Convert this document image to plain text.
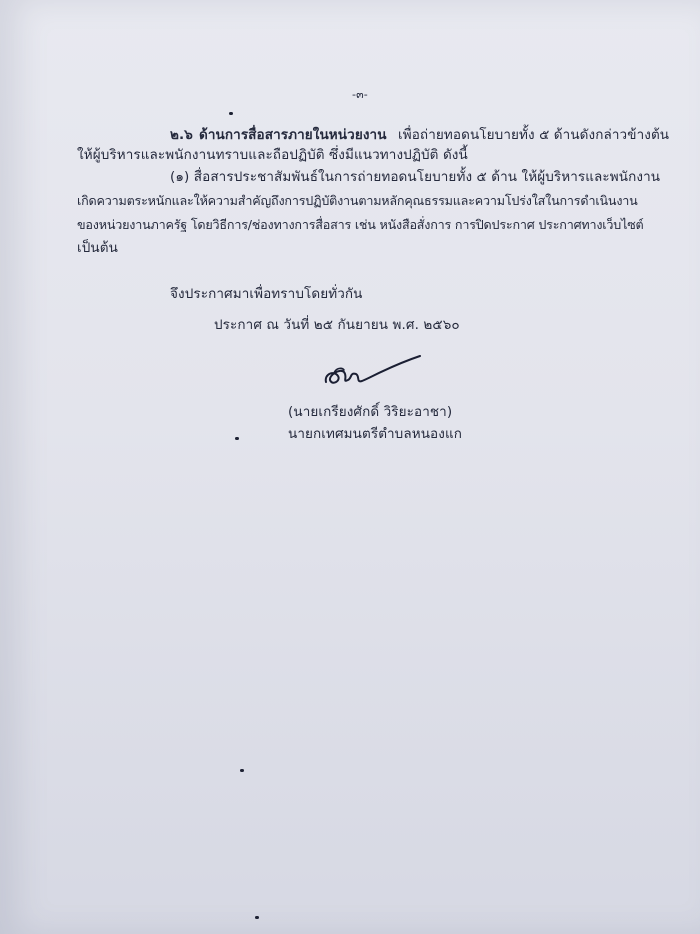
-๓-
๒.๖ ด้านการสื่อสารภายในหน่วยงาน เพื่อถ่ายทอดนโยบายทั้ง ๕ ด้านดังกล่าวข้างต้น
ให้ผู้บริหารและพนักงานทราบและถือปฏิบัติ ซึ่งมีแนวทางปฏิบัติ ดังนี้
(๑) สื่อสารประชาสัมพันธ์ในการถ่ายทอดนโยบายทั้ง ๕ ด้าน ให้ผู้บริหารและพนักงาน
เกิดความตระหนักและให้ความสำคัญถึงการปฏิบัติงานตามหลักคุณธรรมและความโปร่งใสในการดำเนินงาน
ของหน่วยงานภาครัฐ โดยวิธีการ/ช่องทางการสื่อสาร เช่น หนังสือสั่งการ การปิดประกาศ ประกาศทางเว็บไซต์
เป็นต้น
จึงประกาศมาเพื่อทราบโดยทั่วกัน
ประกาศ ณ วันที่ ๒๕ กันยายน พ.ศ. ๒๕๖๐
(นายเกรียงศักดิ์ วิริยะอาชา)
นายกเทศมนตรีตำบลหนองแก
